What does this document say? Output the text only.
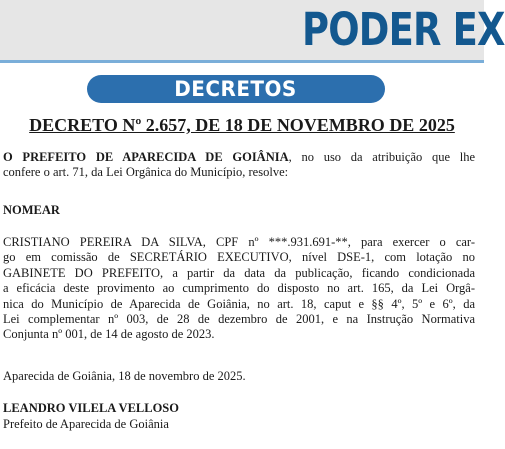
PODER EX
DECRETOS
DECRETO Nº 2.657, DE 18 DE NOVEMBRO DE 2025

O PREFEITO DE APARECIDA DE GOIÂNIA, no uso da atribuição que lhe
confere o art. 71, da Lei Orgânica do Município, resolve:

NOMEAR

CRISTIANO PEREIRA DA SILVA, CPF nº ***.931.691-**, para exercer o car-
go em comissão de SECRETÁRIO EXECUTIVO, nível DSE-1, com lotação no
GABINETE DO PREFEITO, a partir da data da publicação, ficando condicionada
a eficácia deste provimento ao cumprimento do disposto no art. 165, da Lei Orgâ-
nica do Município de Aparecida de Goiânia, no art. 18, caput e §§ 4º, 5º e 6º, da
Lei complementar nº 003, de 28 de dezembro de 2001, e na Instrução Normativa
Conjunta nº 001, de 14 de agosto de 2023.

Aparecida de Goiânia, 18 de novembro de 2025.

LEANDRO VILELA VELLOSO

Prefeito de Aparecida de Goiânia
